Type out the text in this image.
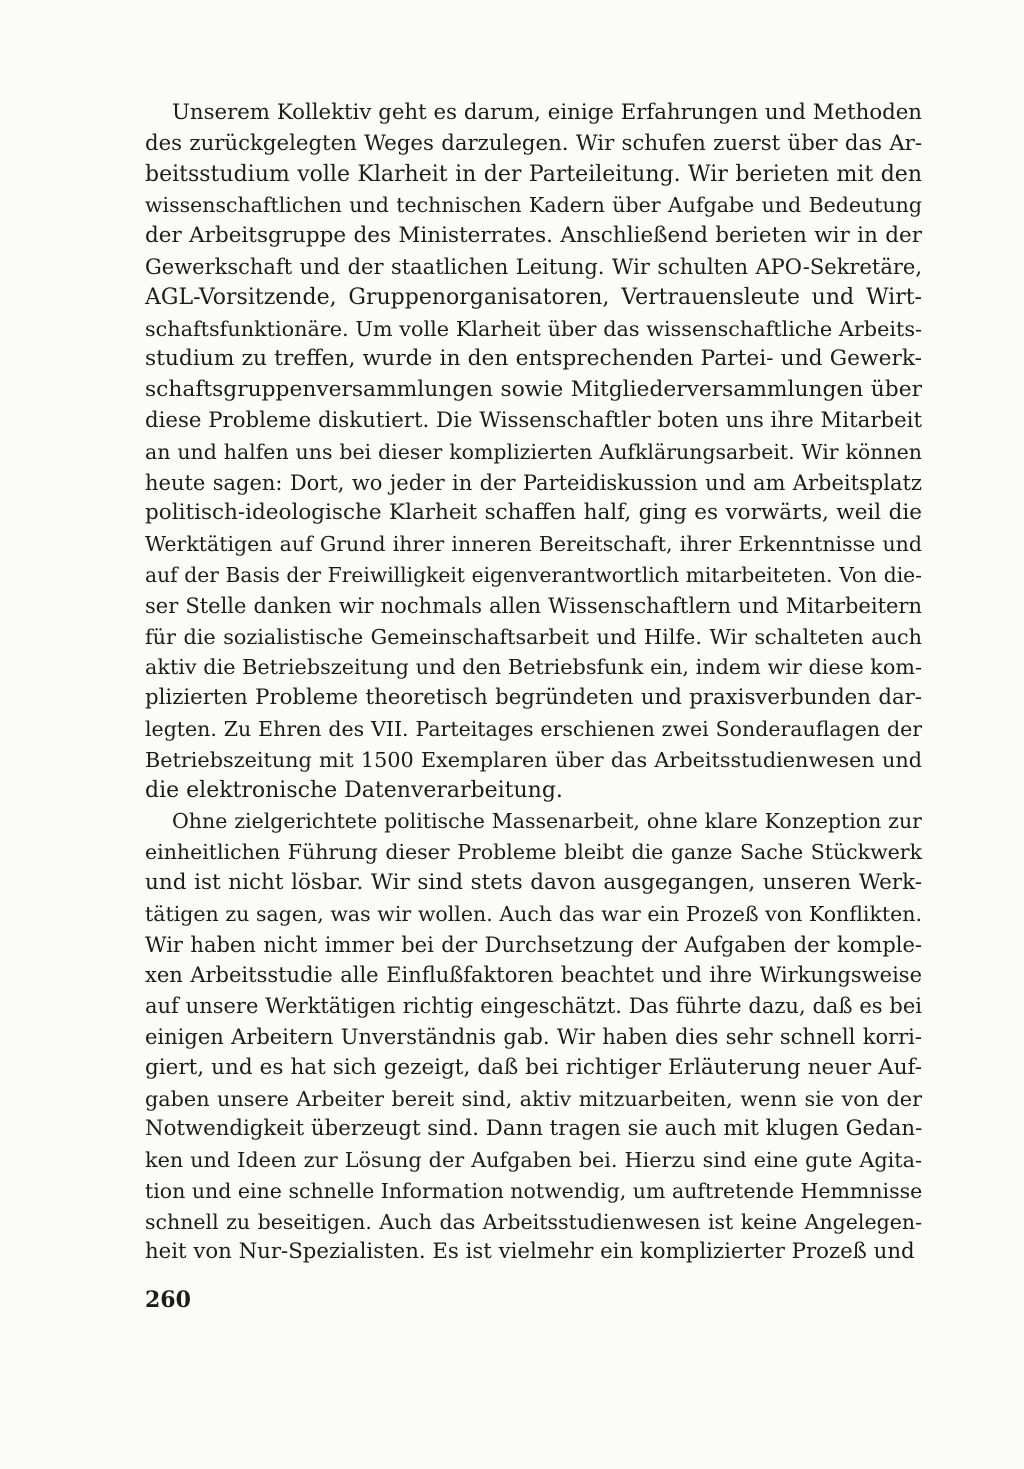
Unserem Kollektiv geht es darum, einige Erfahrungen und Methoden
des zurückgelegten Weges darzulegen. Wir schufen zuerst über das Ar-
beitsstudium volle Klarheit in der Parteileitung. Wir berieten mit den
wissenschaftlichen und technischen Kadern über Aufgabe und Bedeutung
der Arbeitsgruppe des Ministerrates. Anschließend berieten wir in der
Gewerkschaft und der staatlichen Leitung. Wir schulten APO-Sekretäre,
AGL-Vorsitzende, Gruppenorganisatoren, Vertrauensleute und Wirt-
schaftsfunktionäre. Um volle Klarheit über das wissenschaftliche Arbeits-
studium zu treffen, wurde in den entsprechenden Partei- und Gewerk-
schaftsgruppenversammlungen sowie Mitgliederversammlungen über
diese Probleme diskutiert. Die Wissenschaftler boten uns ihre Mitarbeit
an und halfen uns bei dieser komplizierten Aufklärungsarbeit. Wir können
heute sagen: Dort, wo jeder in der Parteidiskussion und am Arbeitsplatz
politisch-ideologische Klarheit schaffen half, ging es vorwärts, weil die
Werktätigen auf Grund ihrer inneren Bereitschaft, ihrer Erkenntnisse und
auf der Basis der Freiwilligkeit eigenverantwortlich mitarbeiteten. Von die-
ser Stelle danken wir nochmals allen Wissenschaftlern und Mitarbeitern
für die sozialistische Gemeinschaftsarbeit und Hilfe. Wir schalteten auch
aktiv die Betriebszeitung und den Betriebsfunk ein, indem wir diese kom-
plizierten Probleme theoretisch begründeten und praxisverbunden dar-
legten. Zu Ehren des VII. Parteitages erschienen zwei Sonderauflagen der
Betriebszeitung mit 1500 Exemplaren über das Arbeitsstudienwesen und
die elektronische Datenverarbeitung.
Ohne zielgerichtete politische Massenarbeit, ohne klare Konzeption zur
einheitlichen Führung dieser Probleme bleibt die ganze Sache Stückwerk
und ist nicht lösbar. Wir sind stets davon ausgegangen, unseren Werk-
tätigen zu sagen, was wir wollen. Auch das war ein Prozeß von Konflikten.
Wir haben nicht immer bei der Durchsetzung der Aufgaben der komple-
xen Arbeitsstudie alle Einflußfaktoren beachtet und ihre Wirkungsweise
auf unsere Werktätigen richtig eingeschätzt. Das führte dazu, daß es bei
einigen Arbeitern Unverständnis gab. Wir haben dies sehr schnell korri-
giert, und es hat sich gezeigt, daß bei richtiger Erläuterung neuer Auf-
gaben unsere Arbeiter bereit sind, aktiv mitzuarbeiten, wenn sie von der
Notwendigkeit überzeugt sind. Dann tragen sie auch mit klugen Gedan-
ken und Ideen zur Lösung der Aufgaben bei. Hierzu sind eine gute Agita-
tion und eine schnelle Information notwendig, um auftretende Hemmnisse
schnell zu beseitigen. Auch das Arbeitsstudienwesen ist keine Angelegen-
heit von Nur-Spezialisten. Es ist vielmehr ein komplizierter Prozeß und
260
